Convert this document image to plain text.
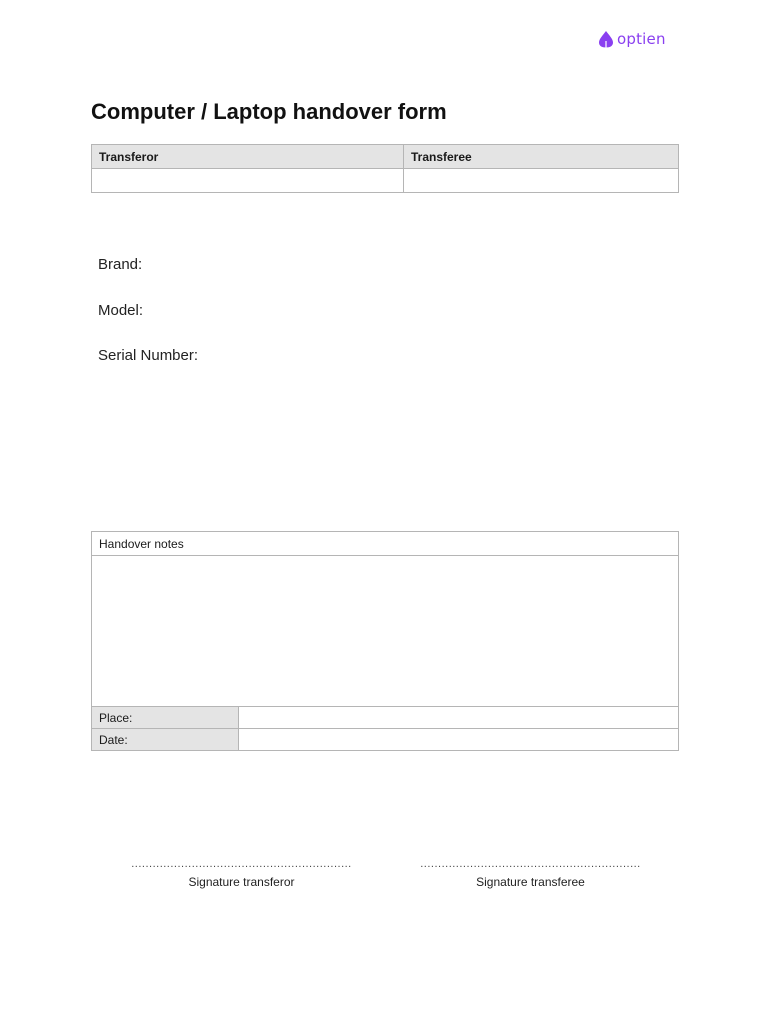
optien
Computer / Laptop handover form
Transferor	Transferee

Brand:
Model:
Serial Number:
Handover notes	

Place:	
Date:	
..............................................................
Signature transferor
..............................................................
Signature transferee
